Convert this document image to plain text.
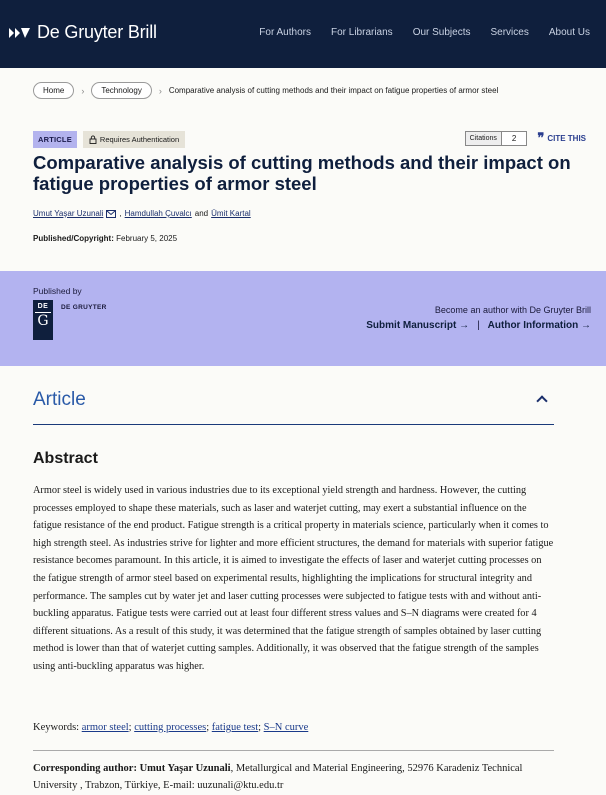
De Gruyter Brill	For Authors For Librarians Our Subjects Services About Us
Home	›	Technology	› Comparative analysis of cutting methods and their impact on fatigue properties of armor steel
ARTICLE	Requires Authentication	Citations	2	❞ CITE THIS
Comparative analysis of cutting methods and their impact on fatigue properties of armor steel
Umut Yaşar Uzunali , Hamdullah Çuvalcı and Ümit Kartal
Published/Copyright: February 5, 2025
Published by
DE
G
DE GRUYTER	Become an author with De Gruyter Brill
Submit Manuscript → | Author Information →
Article
Abstract

Armor steel is widely used in various industries due to its exceptional yield strength and hardness. However, the cutting processes employed to shape these materials, such as laser and waterjet cutting, may exert a substantial influence on the fatigue resistance of the end product. Fatigue strength is a critical property in materials science, particularly when it comes to high strength steel. As industries strive for lighter and more efficient structures, the demand for materials with superior fatigue resistance becomes paramount. In this article, it is aimed to investigate the effects of laser and waterjet cutting processes on the fatigue strength of armor steel based on experimental results, highlighting the implications for structural integrity and performance. The samples cut by water jet and laser cutting processes were subjected to fatigue tests with and without anti-buckling apparatus. Fatigue tests were carried out at least four different stress values and S–N diagrams were created for 4 different situations. As a result of this study, it was determined that the fatigue strength of samples obtained by laser cutting method is lower than that of waterjet cutting samples. Additionally, it was observed that the fatigue strength of the samples using anti-buckling apparatus was higher.

Keywords: armor steel; cutting processes; fatigue test; S–N curve

Corresponding author: Umut Yaşar Uzunali, Metallurgical and Material Engineering, 52976 Karadeniz Technical University , Trabzon, Türkiye, E-mail: uuzunali@ktu.edu.tr
